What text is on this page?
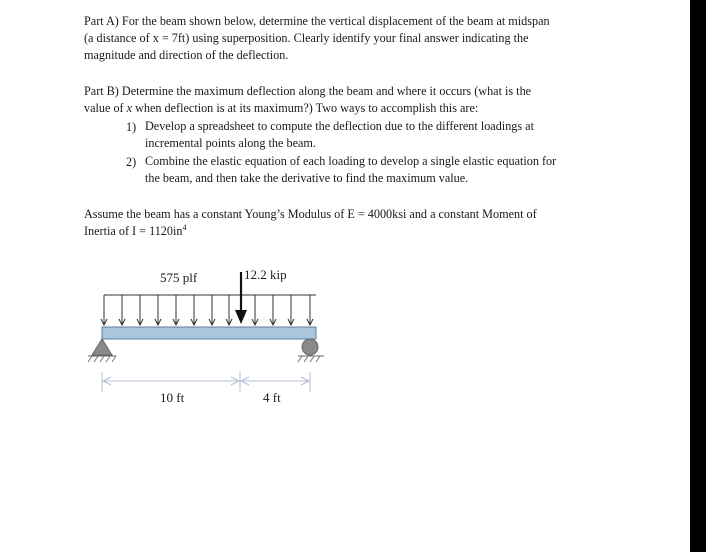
Part A) For the beam shown below, determine the vertical displacement of the beam at midspan

(a distance of x = 7ft) using superposition. Clearly identify your final answer indicating the

magnitude and direction of the deflection.

Part B) Determine the maximum deflection along the beam and where it occurs (what is the

value of x when deflection is at its maximum?) Two ways to accomplish this are:

1) Develop a spreadsheet to compute the deflection due to the different loadings at
incremental points along the beam.
2) Combine the elastic equation of each loading to develop a single elastic equation for
the beam, and then take the derivative to find the maximum value.

Assume the beam has a constant Young’s Modulus of E = 4000ksi and a constant Moment of

Inertia of $I = 1120in^4$

575 plf	12.2 kip
10 ft	4 ft
